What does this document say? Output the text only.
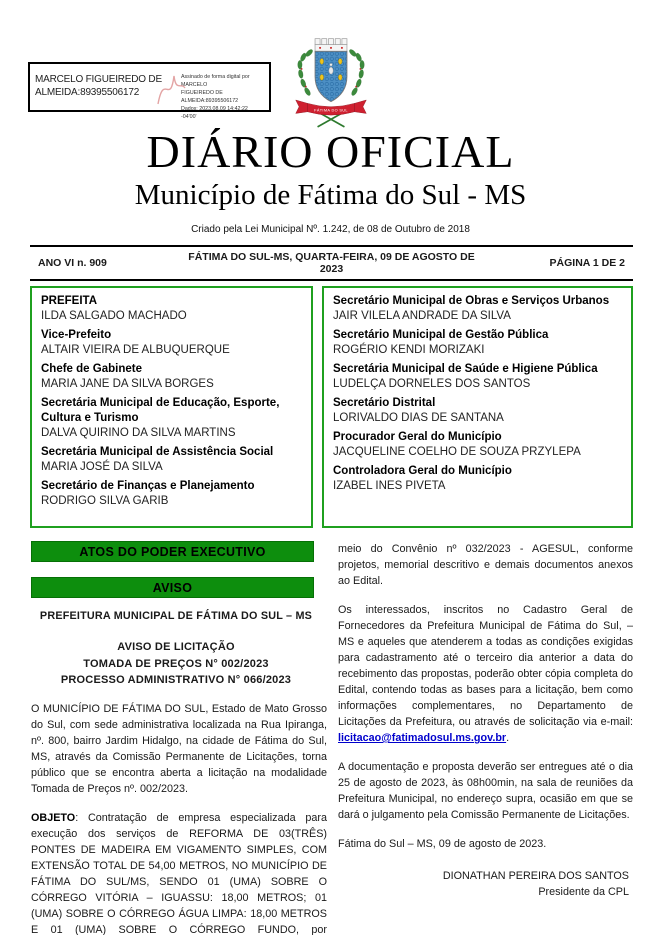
MARCELO FIGUEIREDO DE ALMEIDA:89395506172
Assinado de forma digital por MARCELO
FIGUEIREDO DE ALMEIDA:89395506172
Dados: 2023.08.09 14:42:22 -04'00'
FÁTIMA DO SUL
DIÁRIO OFICIAL
Município de Fátima do Sul - MS
Criado pela Lei Municipal Nº. 1.242, de 08 de Outubro de 2018
ANO VI n. 909	FÁTIMA DO SUL-MS, QUARTA-FEIRA, 09 DE AGOSTO DE 2023	PÁGINA 1 DE 2
PREFEITA
ILDA SALGADO MACHADO
Vice-Prefeito
ALTAIR VIEIRA DE ALBUQUERQUE
Chefe de Gabinete
MARIA JANE DA SILVA BORGES
Secretária Municipal de Educação, Esporte, Cultura e Turismo
DALVA QUIRINO DA SILVA MARTINS
Secretária Municipal de Assistência Social
MARIA JOSÉ DA SILVA
Secretário de Finanças e Planejamento
RODRIGO SILVA GARIB
Secretário Municipal de Obras e Serviços Urbanos
JAIR VILELA ANDRADE DA SILVA
Secretário Municipal de Gestão Pública
ROGÉRIO KENDI MORIZAKI
Secretária Municipal de Saúde e Higiene Pública
LUDELÇA DORNELES DOS SANTOS
Secretário Distrital
LORIVALDO DIAS DE SANTANA
Procurador Geral do Município
JACQUELINE COELHO DE SOUZA PRZYLEPA
Controladora Geral do Município
IZABEL INES PIVETA
ATOS DO PODER EXECUTIVO
AVISO
PREFEITURA MUNICIPAL DE FÁTIMA DO SUL – MS
AVISO DE LICITAÇÃO
TOMADA DE PREÇOS N° 002/2023
PROCESSO ADMINISTRATIVO N° 066/2023

O MUNICÍPIO DE FÁTIMA DO SUL, Estado de Mato Grosso do Sul, com sede administrativa localizada na Rua Ipiranga, nº. 800, bairro Jardim Hidalgo, na cidade de Fátima do Sul, MS, através da Comissão Permanente de Licitações, torna público que se encontra aberta a licitação na modalidade Tomada de Preços nº. 002/2023.

OBJETO: Contratação de empresa especializada para execução dos serviços de REFORMA DE 03(TRÊS) PONTES DE MADEIRA EM VIGAMENTO SIMPLES, COM EXTENSÃO TOTAL DE 54,00 METROS, NO MUNICÍPIO DE FÁTIMA DO SUL/MS, SENDO 01 (UMA) SOBRE O CÓRREGO VITÓRIA – IGUASSU: 18,00 METROS; 01 (UMA) SOBRE O CÓRREGO ÁGUA LIMPA: 18,00 METROS E 01 (UMA) SOBRE O CÓRREGO FUNDO, por

meio do Convênio nº 032/2023 - AGESUL, conforme projetos, memorial descritivo e demais documentos anexos ao Edital.

Os interessados, inscritos no Cadastro Geral de Fornecedores da Prefeitura Municipal de Fátima do Sul, – MS e aqueles que atenderem a todas as condições exigidas para cadastramento até o terceiro dia anterior a data do recebimento das propostas, poderão obter cópia completa do Edital, contendo todas as bases para a licitação, bem como informações complementares, no Departamento de Licitações da Prefeitura, ou através de solicitação via e-mail: licitacao@fatimadosul.ms.gov.br.

A documentação e proposta deverão ser entregues até o dia 25 de agosto de 2023, às 08h00min, na sala de reuniões da Prefeitura Municipal, no endereço supra, ocasião em que se dará o julgamento pela Comissão Permanente de Licitações.

Fátima do Sul – MS, 09 de agosto de 2023.
DIONATHAN PEREIRA DOS SANTOS
Presidente da CPL
